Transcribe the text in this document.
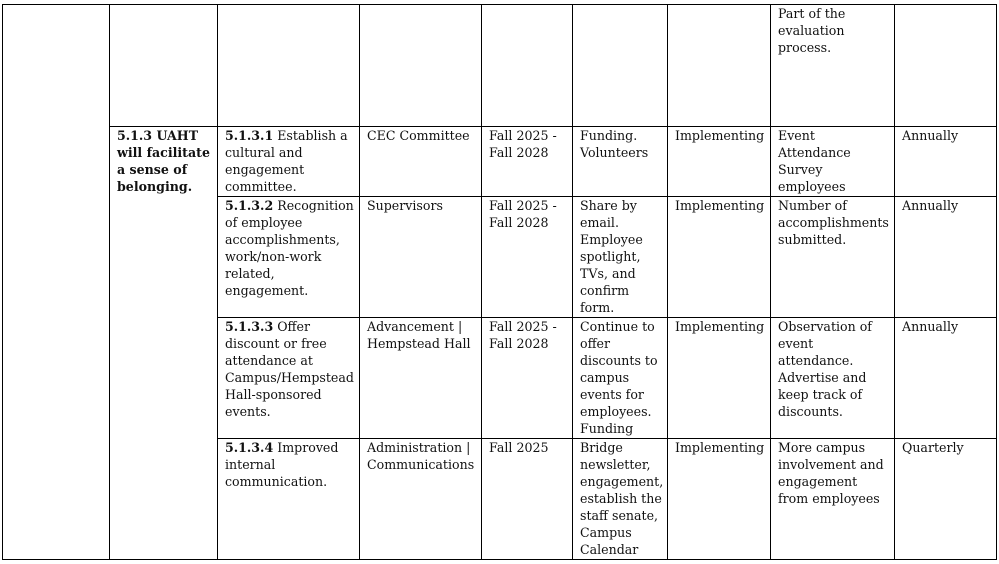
							Part of the evaluation process.	
	5.1.3 UAHT will facilitate a sense of belonging.	5.1.3.1 Establish a cultural and engagement committee.	CEC Committee	Fall 2025 - Fall 2028	Funding. Volunteers	Implementing	Event Attendance Survey employees	Annually
		5.1.3.2 Recognition of employee accomplishments, work/non-work related, engagement.	Supervisors	Fall 2025 - Fall 2028	Share by email. Employee spotlight, TVs, and confirm form.	Implementing	Number of accomplishments submitted.	Annually
		5.1.3.3 Offer discount or free attendance at Campus/Hempstead Hall-sponsored events.	Advancement | Hempstead Hall	Fall 2025 - Fall 2028	Continue to offer discounts to campus events for employees. Funding	Implementing	Observation of event attendance. Advertise and keep track of discounts.	Annually
		5.1.3.4 Improved internal communication.	Administration | Communications	Fall 2025	Bridge newsletter, engagement, establish the staff senate, Campus Calendar	Implementing	More campus involvement and engagement from employees	Quarterly
